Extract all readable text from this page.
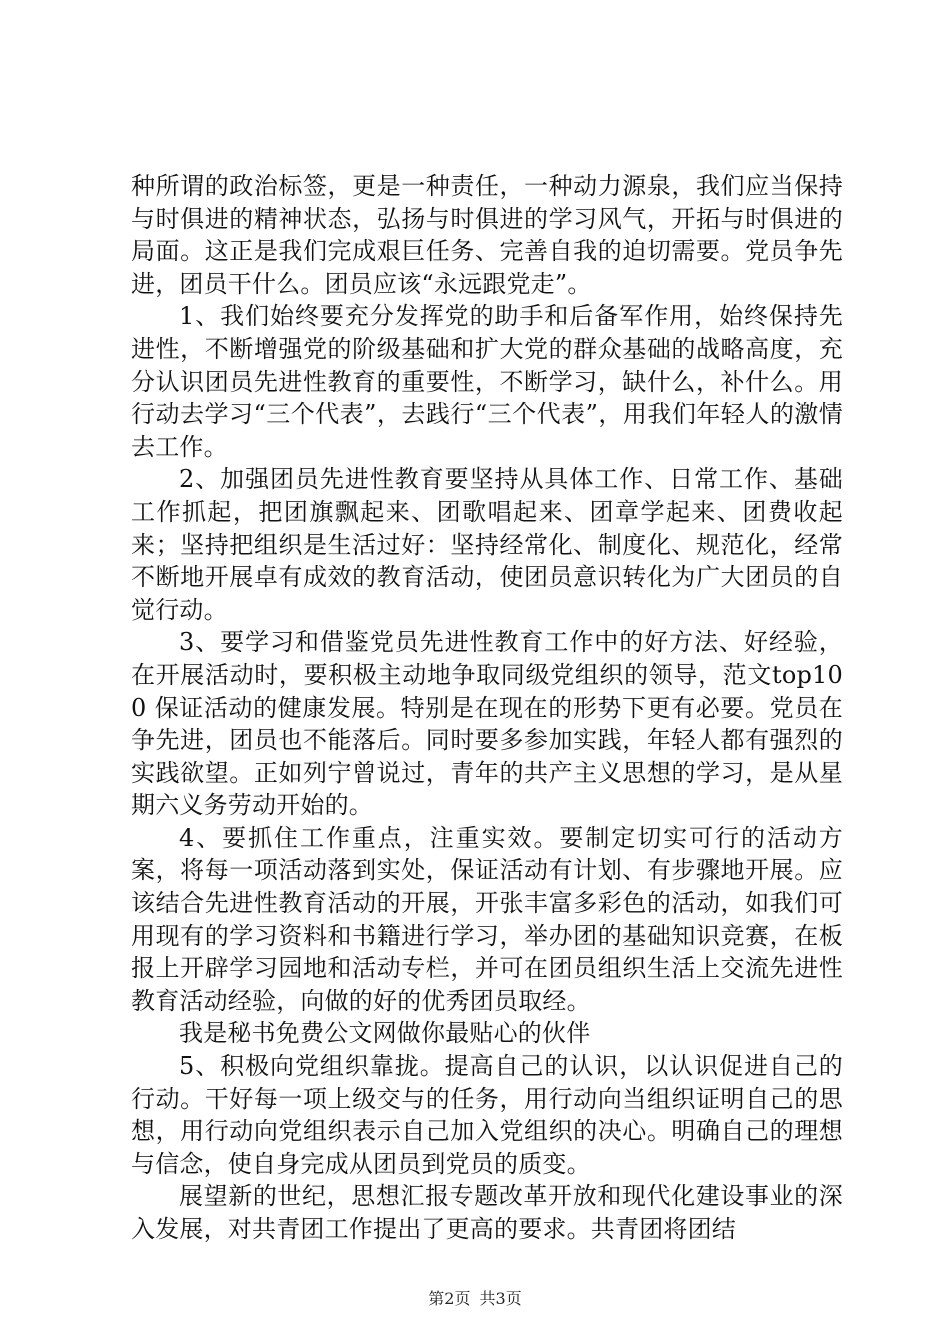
种所谓的政治标签，更是一种责任，一种动力源泉，我们应当保持与时俱进的精神状态，弘扬与时俱进的学习风气，开拓与时俱进的局面。这正是我们完成艰巨任务、完善自我的迫切需要。党员争先进，团员干什么。团员应该“永远跟党走”。

1、我们始终要充分发挥党的助手和后备军作用，始终保持先进性，不断增强党的阶级基础和扩大党的群众基础的战略高度，充分认识团员先进性教育的重要性，不断学习，缺什么，补什么。用行动去学习“三个代表”，去践行“三个代表”，用我们年轻人的激情去工作。

2、加强团员先进性教育要坚持从具体工作、日常工作、基础工作抓起，把团旗飘起来、团歌唱起来、团章学起来、团费收起来；坚持把组织是生活过好：坚持经常化、制度化、规范化，经常不断地开展卓有成效的教育活动，使团员意识转化为广大团员的自觉行动。

3、要学习和借鉴党员先进性教育工作中的好方法、好经验，在开展活动时，要积极主动地争取同级党组织的领导，范文top100 保证活动的健康发展。特别是在现在的形势下更有必要。党员在争先进，团员也不能落后。同时要多参加实践，年轻人都有强烈的实践欲望。正如列宁曾说过，青年的共产主义思想的学习，是从星期六义务劳动开始的。

4、要抓住工作重点，注重实效。要制定切实可行的活动方案，将每一项活动落到实处，保证活动有计划、有步骤地开展。应该结合先进性教育活动的开展，开张丰富多彩色的活动，如我们可用现有的学习资料和书籍进行学习，举办团的基础知识竞赛，在板报上开辟学习园地和活动专栏，并可在团员组织生活上交流先进性教育活动经验，向做的好的优秀团员取经。

我是秘书免费公文网做你最贴心的伙伴

5、积极向党组织靠拢。提高自己的认识，以认识促进自己的行动。干好每一项上级交与的任务，用行动向当组织证明自己的思想，用行动向党组织表示自己加入党组织的决心。明确自己的理想与信念，使自身完成从团员到党员的质变。

展望新的世纪，思想汇报专题改革开放和现代化建设事业的深入发展，对共青团工作提出了更高的要求。共青团将团结

第2页 共3页
